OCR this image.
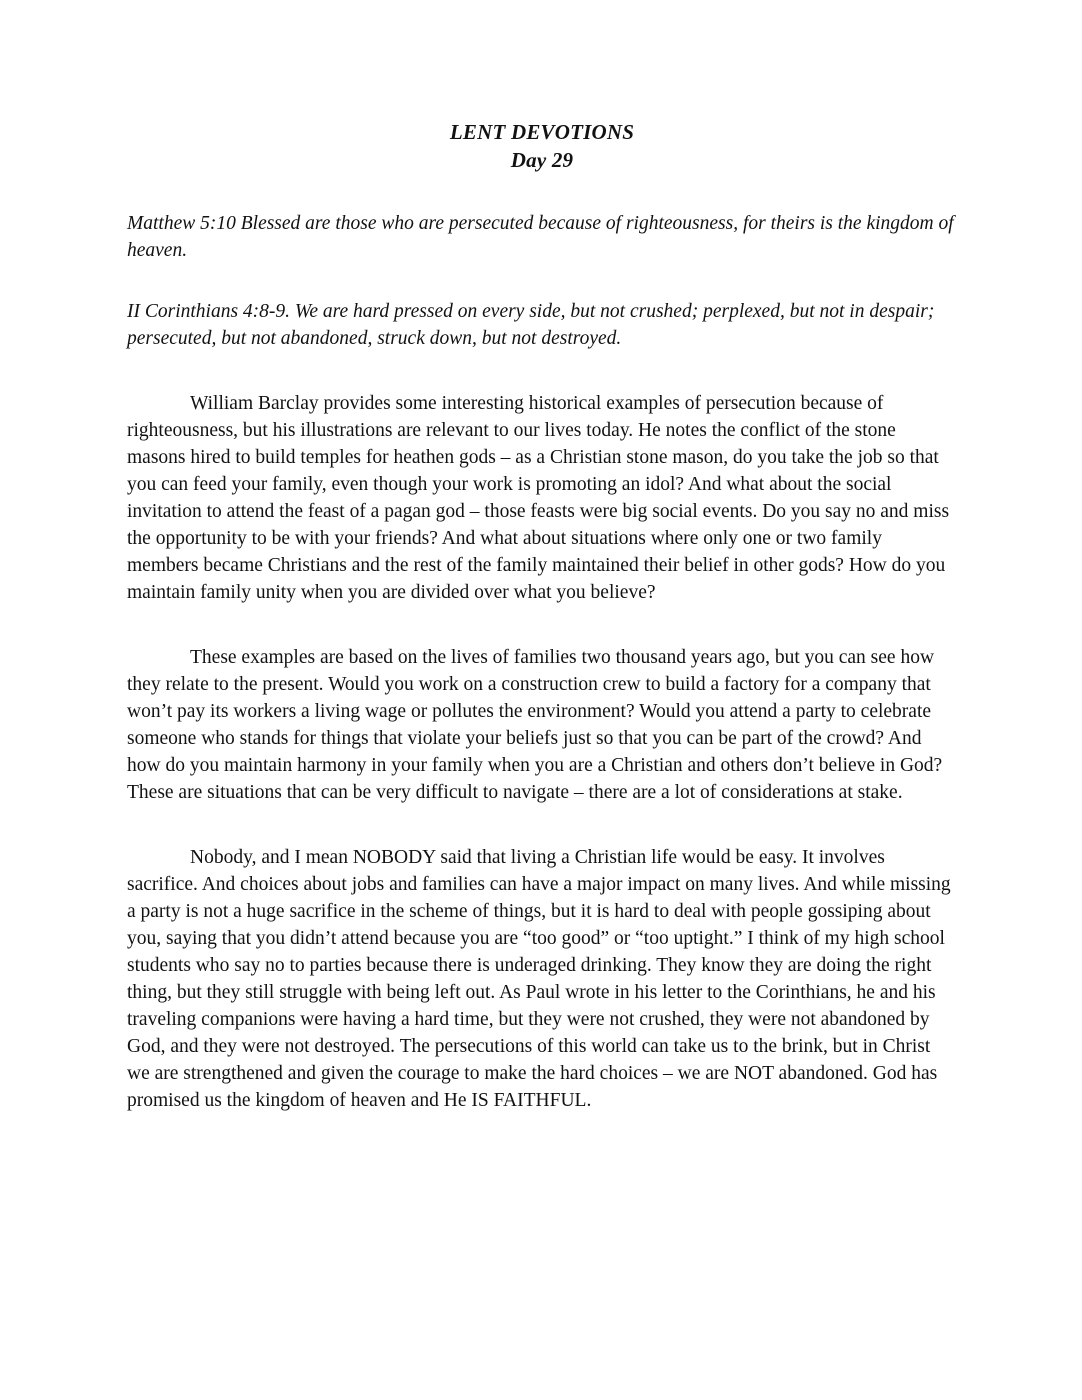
LENT DEVOTIONS
Day 29

Matthew 5:10 Blessed are those who are persecuted because of righteousness, for theirs is the kingdom of heaven.

II Corinthians 4:8-9. We are hard pressed on every side, but not crushed; perplexed, but not in despair; persecuted, but not abandoned, struck down, but not destroyed.

William Barclay provides some interesting historical examples of persecution because of righteousness, but his illustrations are relevant to our lives today. He notes the conflict of the stone masons hired to build temples for heathen gods – as a Christian stone mason, do you take the job so that you can feed your family, even though your work is promoting an idol? And what about the social invitation to attend the feast of a pagan god – those feasts were big social events. Do you say no and miss the opportunity to be with your friends? And what about situations where only one or two family members became Christians and the rest of the family maintained their belief in other gods? How do you maintain family unity when you are divided over what you believe?

These examples are based on the lives of families two thousand years ago, but you can see how they relate to the present. Would you work on a construction crew to build a factory for a company that won’t pay its workers a living wage or pollutes the environment? Would you attend a party to celebrate someone who stands for things that violate your beliefs just so that you can be part of the crowd? And how do you maintain harmony in your family when you are a Christian and others don’t believe in God? These are situations that can be very difficult to navigate – there are a lot of considerations at stake.

Nobody, and I mean NOBODY said that living a Christian life would be easy. It involves sacrifice. And choices about jobs and families can have a major impact on many lives. And while missing a party is not a huge sacrifice in the scheme of things, but it is hard to deal with people gossiping about you, saying that you didn’t attend because you are “too good” or “too uptight.” I think of my high school students who say no to parties because there is underaged drinking. They know they are doing the right thing, but they still struggle with being left out. As Paul wrote in his letter to the Corinthians, he and his traveling companions were having a hard time, but they were not crushed, they were not abandoned by God, and they were not destroyed. The persecutions of this world can take us to the brink, but in Christ we are strengthened and given the courage to make the hard choices – we are NOT abandoned. God has promised us the kingdom of heaven and He IS FAITHFUL.
